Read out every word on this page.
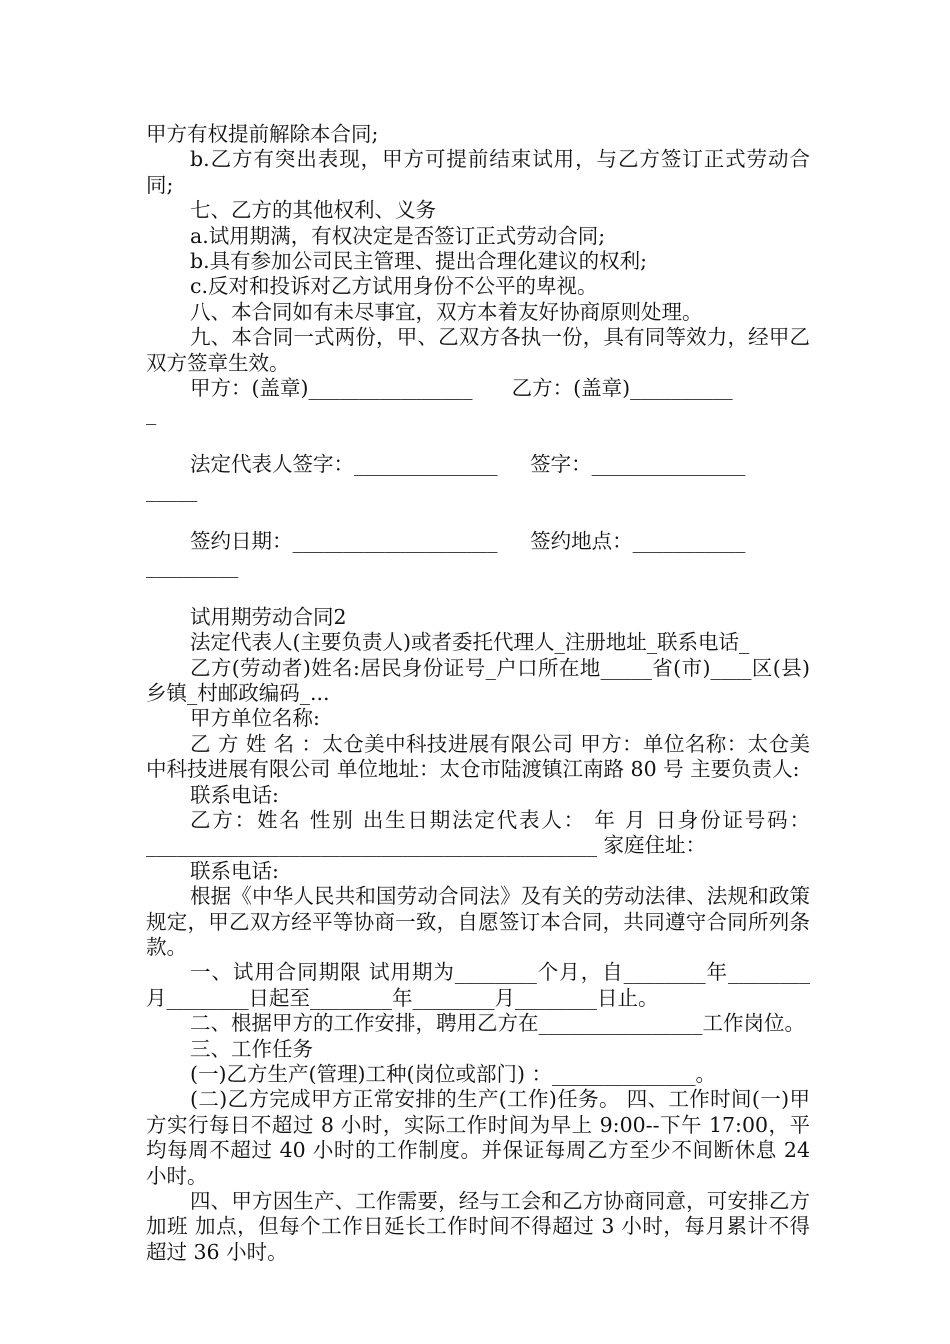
甲方有权提前解除本合同;

b.乙方有突出表现，甲方可提前结束试用，与乙方签订正式劳动合同;

七、乙方的其他权利、义务

a.试用期满，有权决定是否签订正式劳动合同;

b.具有参加公司民主管理、提出合理化建议的权利;

c.反对和投诉对乙方试用身份不公平的卑视。

八、本合同如有未尽事宜，双方本着友好协商原则处理。

九、本合同一式两份，甲、乙双方各执一份，具有同等效力，经甲乙双方签章生效。

甲方：(盖章)________________      乙方：(盖章)__________

_

法定代表人签字：______________     签字：_______________

_____

签约日期：____________________     签约地点：___________

_________

试用期劳动合同2

法定代表人(主要负责人)或者委托代理人_注册地址_联系电话_

乙方(劳动者)姓名:居民身份证号_户口所在地_____省(市)____区(县)乡镇_村邮政编码_...

甲方单位名称:

乙 方 姓 名 ：太仓美中科技进展有限公司 甲方：单位名称：太仓美中科技进展有限公司 单位地址：太仓市陆渡镇江南路 80 号 主要负责人:

联系电话:

乙方：姓名 性别 出生日期法定代表人： 年 月 日身份证号码：____________________________________________ 家庭住址：

联系电话:

根据《中华人民共和国劳动合同法》及有关的劳动法律、法规和政策规定，甲乙双方经平等协商一致，自愿签订本合同，共同遵守合同所列条款。

一、试用合同期限 试用期为________个月，自________年________月________日起至________年________月________日止。

二、根据甲方的工作安排，聘用乙方在________________工作岗位。

三、工作任务

(一)乙方生产(管理)工种(岗位或部门) ：______________。

(二)乙方完成甲方正常安排的生产(工作)任务。 四、工作时间(一)甲方实行每日不超过 8 小时，实际工作时间为早上 9:00--下午 17:00，平均每周不超过 40 小时的工作制度。并保证每周乙方至少不间断休息 24 小时。

四、甲方因生产、工作需要，经与工会和乙方协商同意，可安排乙方加班 加点，但每个工作日延长工作时间不得超过 3 小时，每月累计不得超过 36 小时。
